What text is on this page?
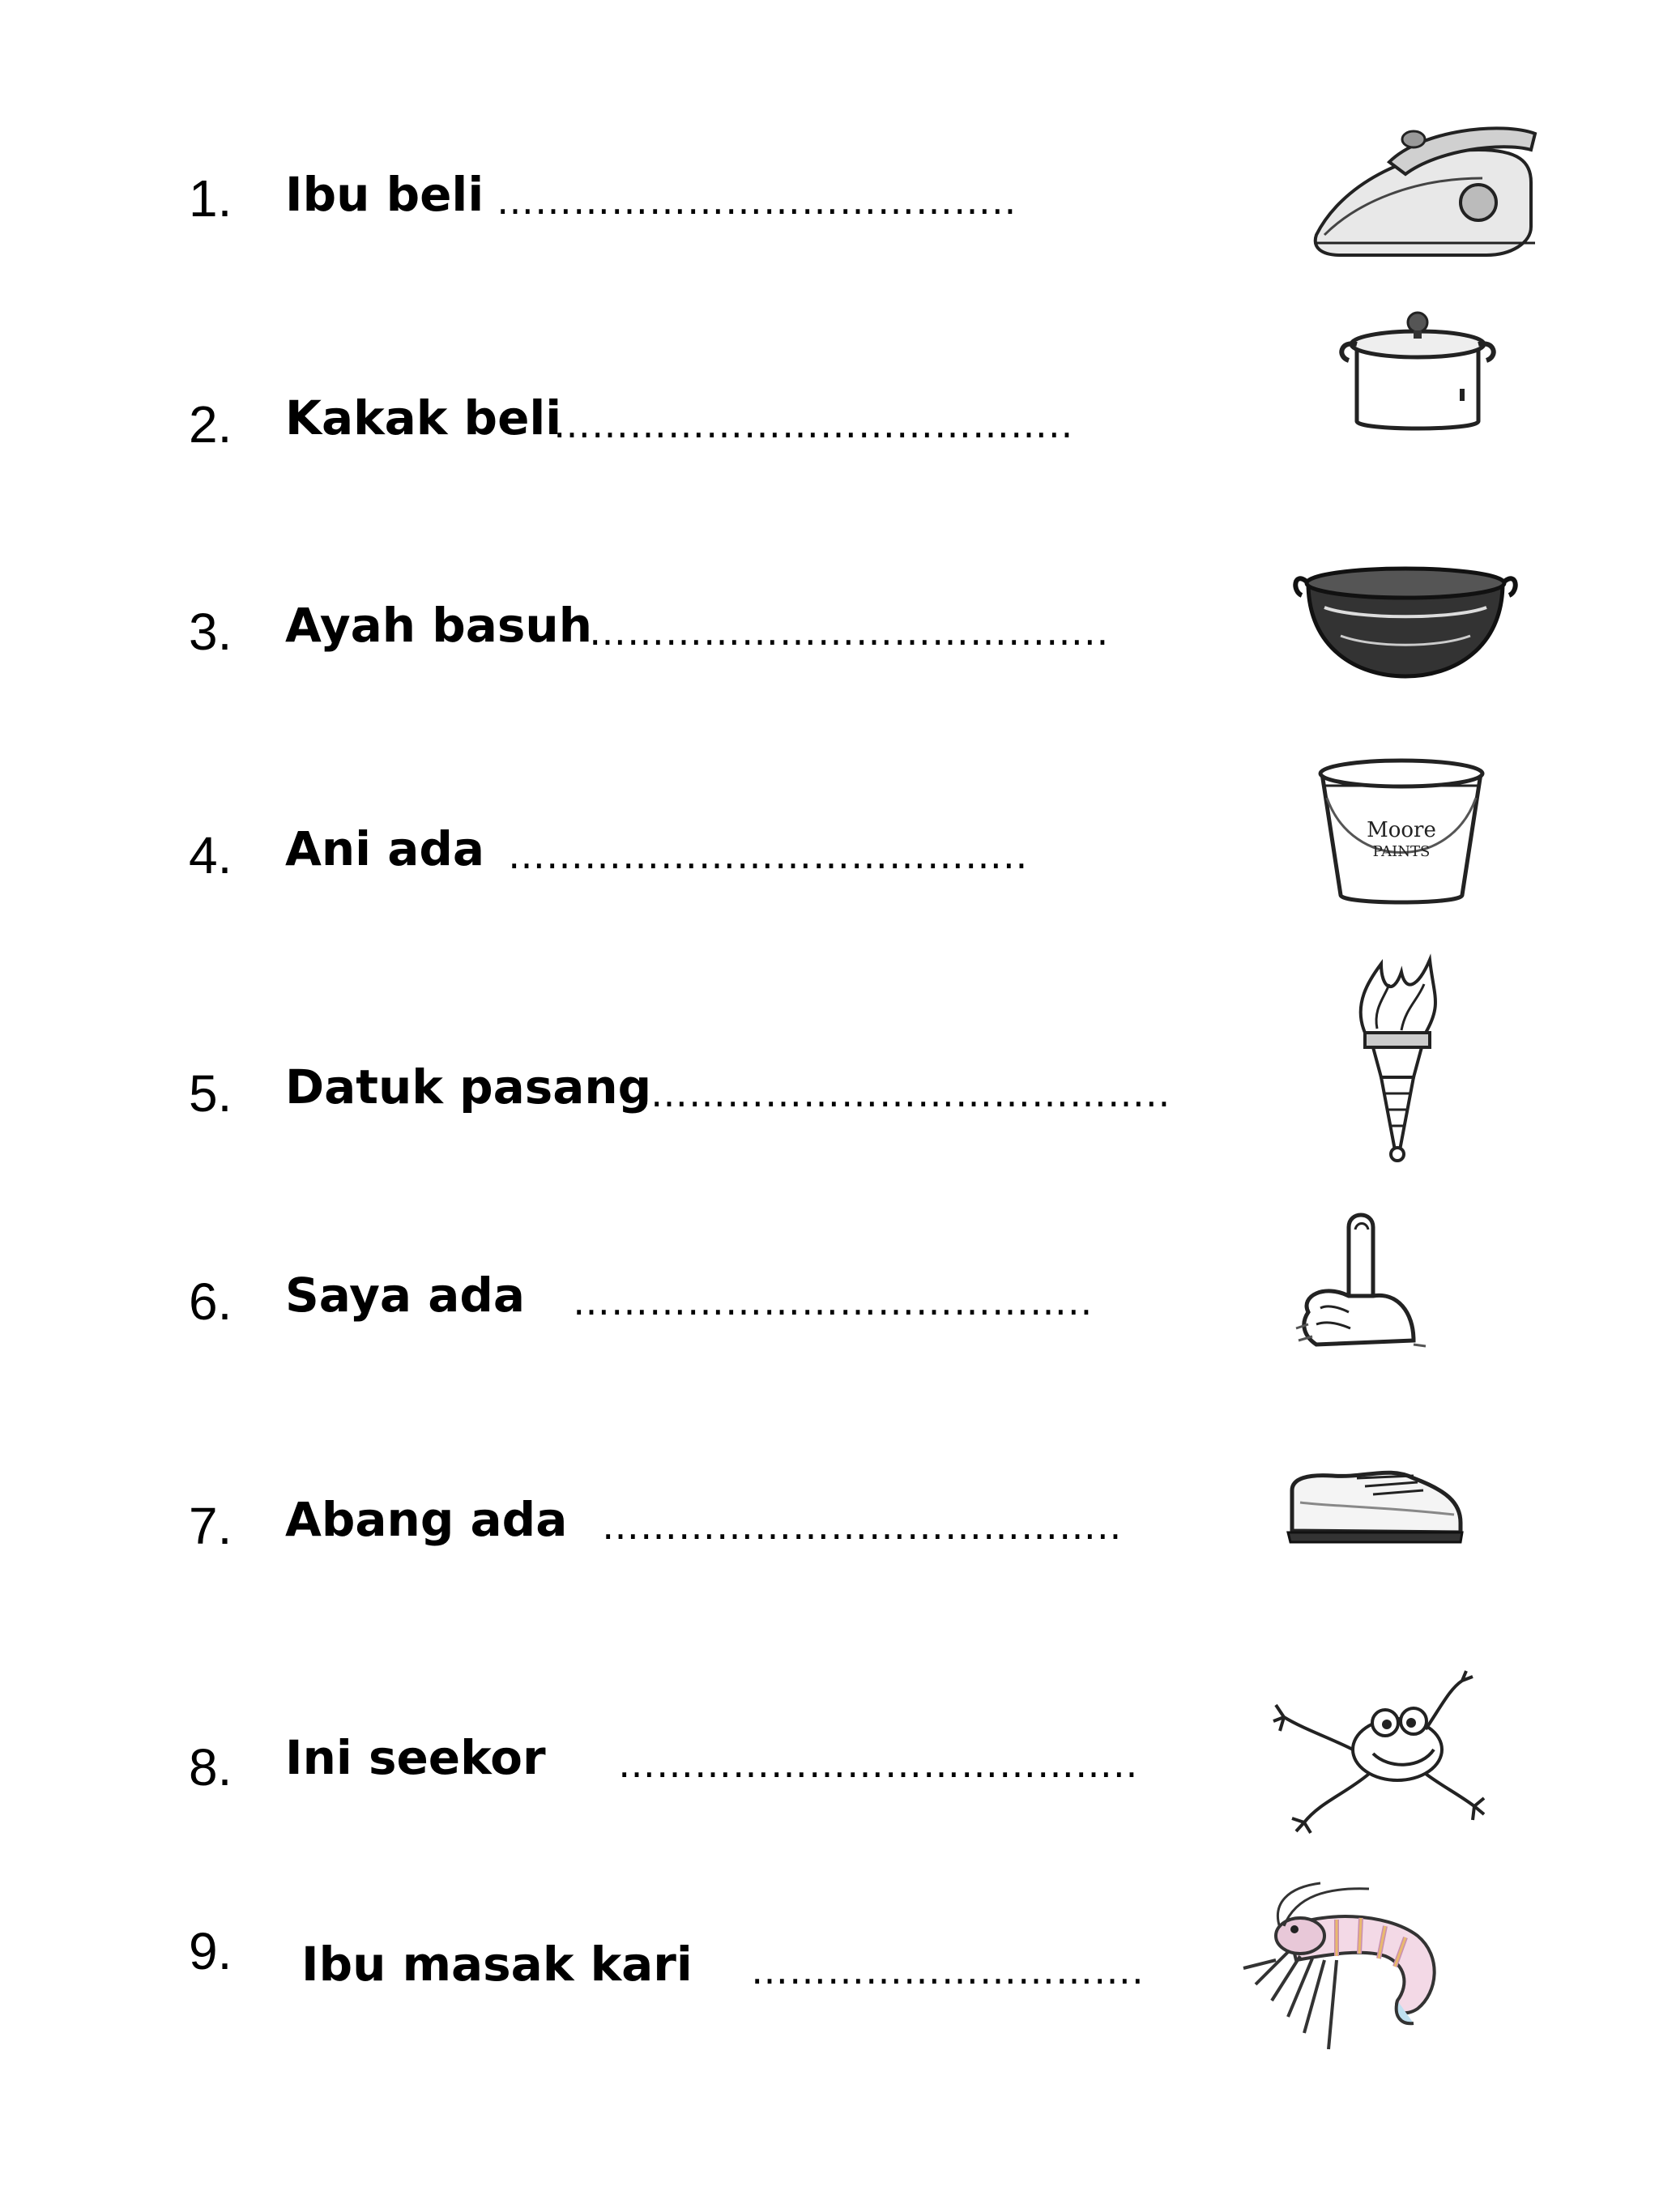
1. Ibu beli …………………………………..
2. Kakak beli
…………………………………..
3. Ayah basuh
…………………………………..
4. Ani ada …………………………………..
Moore
PAINTS
5. Datuk pasang
…………………………………..
6. Saya ada …………………………………..
7. Abang ada …………………………………..
8. Ini seekor …………………………………..
9. Ibu masak kari ………………………….
